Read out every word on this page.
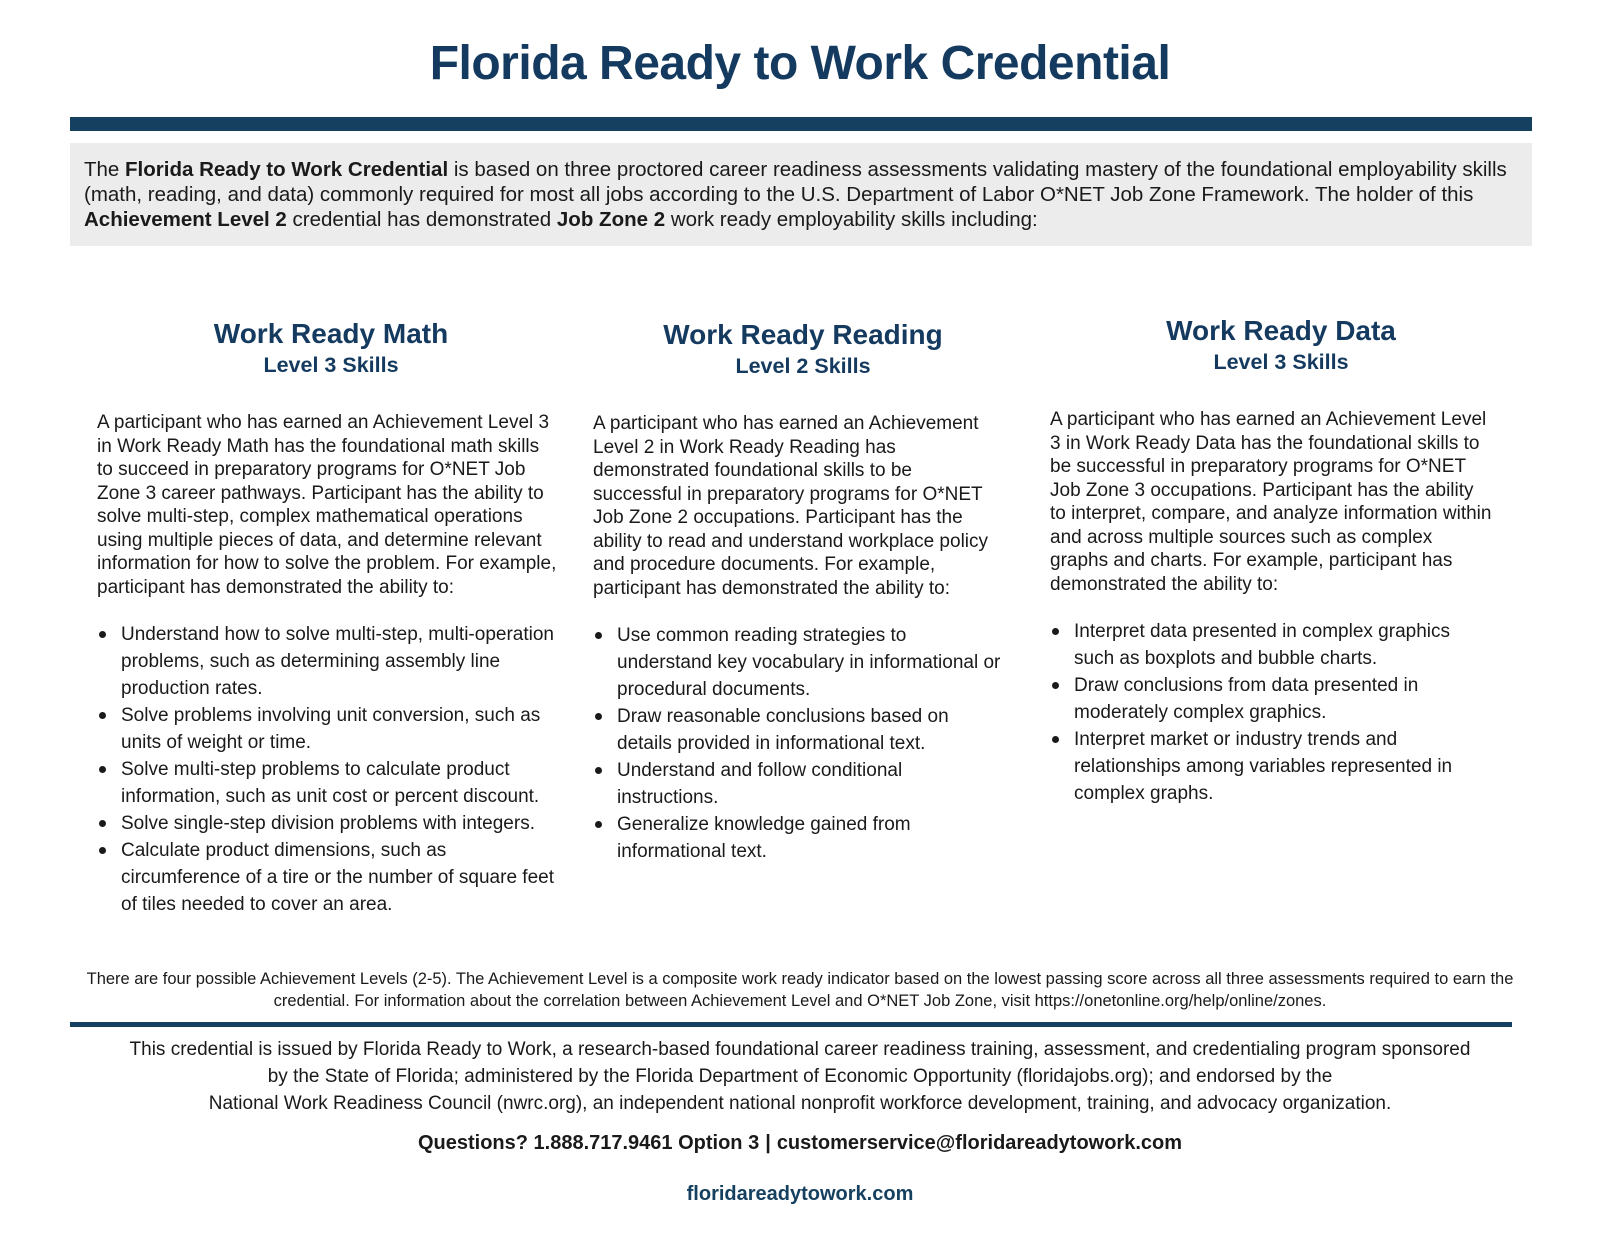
Florida Ready to Work Credential
The Florida Ready to Work Credential is based on three proctored career readiness assessments validating mastery of the foundational employability skills (math, reading, and data) commonly required for most all jobs according to the U.S. Department of Labor O*NET Job Zone Framework. The holder of this Achievement Level 2 credential has demonstrated Job Zone 2 work ready employability skills including:
Work Ready Math
Level 3 Skills
A participant who has earned an Achievement Level 3 in Work Ready Math has the foundational math skills to succeed in preparatory programs for O*NET Job Zone 3 career pathways. Participant has the ability to solve multi-step, complex mathematical operations using multiple pieces of data, and determine relevant information for how to solve the problem. For example, participant has demonstrated the ability to:
Understand how to solve multi-step, multi-operation problems, such as determining assembly line production rates.
Solve problems involving unit conversion, such as units of weight or time.
Solve multi-step problems to calculate product information, such as unit cost or percent discount.
Solve single-step division problems with integers.
Calculate product dimensions, such as circumference of a tire or the number of square feet of tiles needed to cover an area.
Work Ready Reading
Level 2 Skills
A participant who has earned an Achievement Level 2 in Work Ready Reading has demonstrated foundational skills to be successful in preparatory programs for O*NET Job Zone 2 occupations. Participant has the ability to read and understand workplace policy and procedure documents. For example, participant has demonstrated the ability to:
Use common reading strategies to understand key vocabulary in informational or procedural documents.
Draw reasonable conclusions based on details provided in informational text.
Understand and follow conditional instructions.
Generalize knowledge gained from informational text.
Work Ready Data
Level 3 Skills
A participant who has earned an Achievement Level 3 in Work Ready Data has the foundational skills to be successful in preparatory programs for O*NET Job Zone 3 occupations. Participant has the ability to interpret, compare, and analyze information within and across multiple sources such as complex graphs and charts. For example, participant has demonstrated the ability to:
Interpret data presented in complex graphics such as boxplots and bubble charts.
Draw conclusions from data presented in moderately complex graphics.
Interpret market or industry trends and relationships among variables represented in complex graphs.
There are four possible Achievement Levels (2-5). The Achievement Level is a composite work ready indicator based on the lowest passing score across all three assessments required to earn the credential. For information about the correlation between Achievement Level and O*NET Job Zone, visit https://onetonline.org/help/online/zones.
This credential is issued by Florida Ready to Work, a research-based foundational career readiness training, assessment, and credentialing program sponsored
by the State of Florida; administered by the Florida Department of Economic Opportunity (floridajobs.org); and endorsed by the
National Work Readiness Council (nwrc.org), an independent national nonprofit workforce development, training, and advocacy organization.
Questions? 1.888.717.9461 Option 3 | customerservice@floridareadytowork.com
floridareadytowork.com
